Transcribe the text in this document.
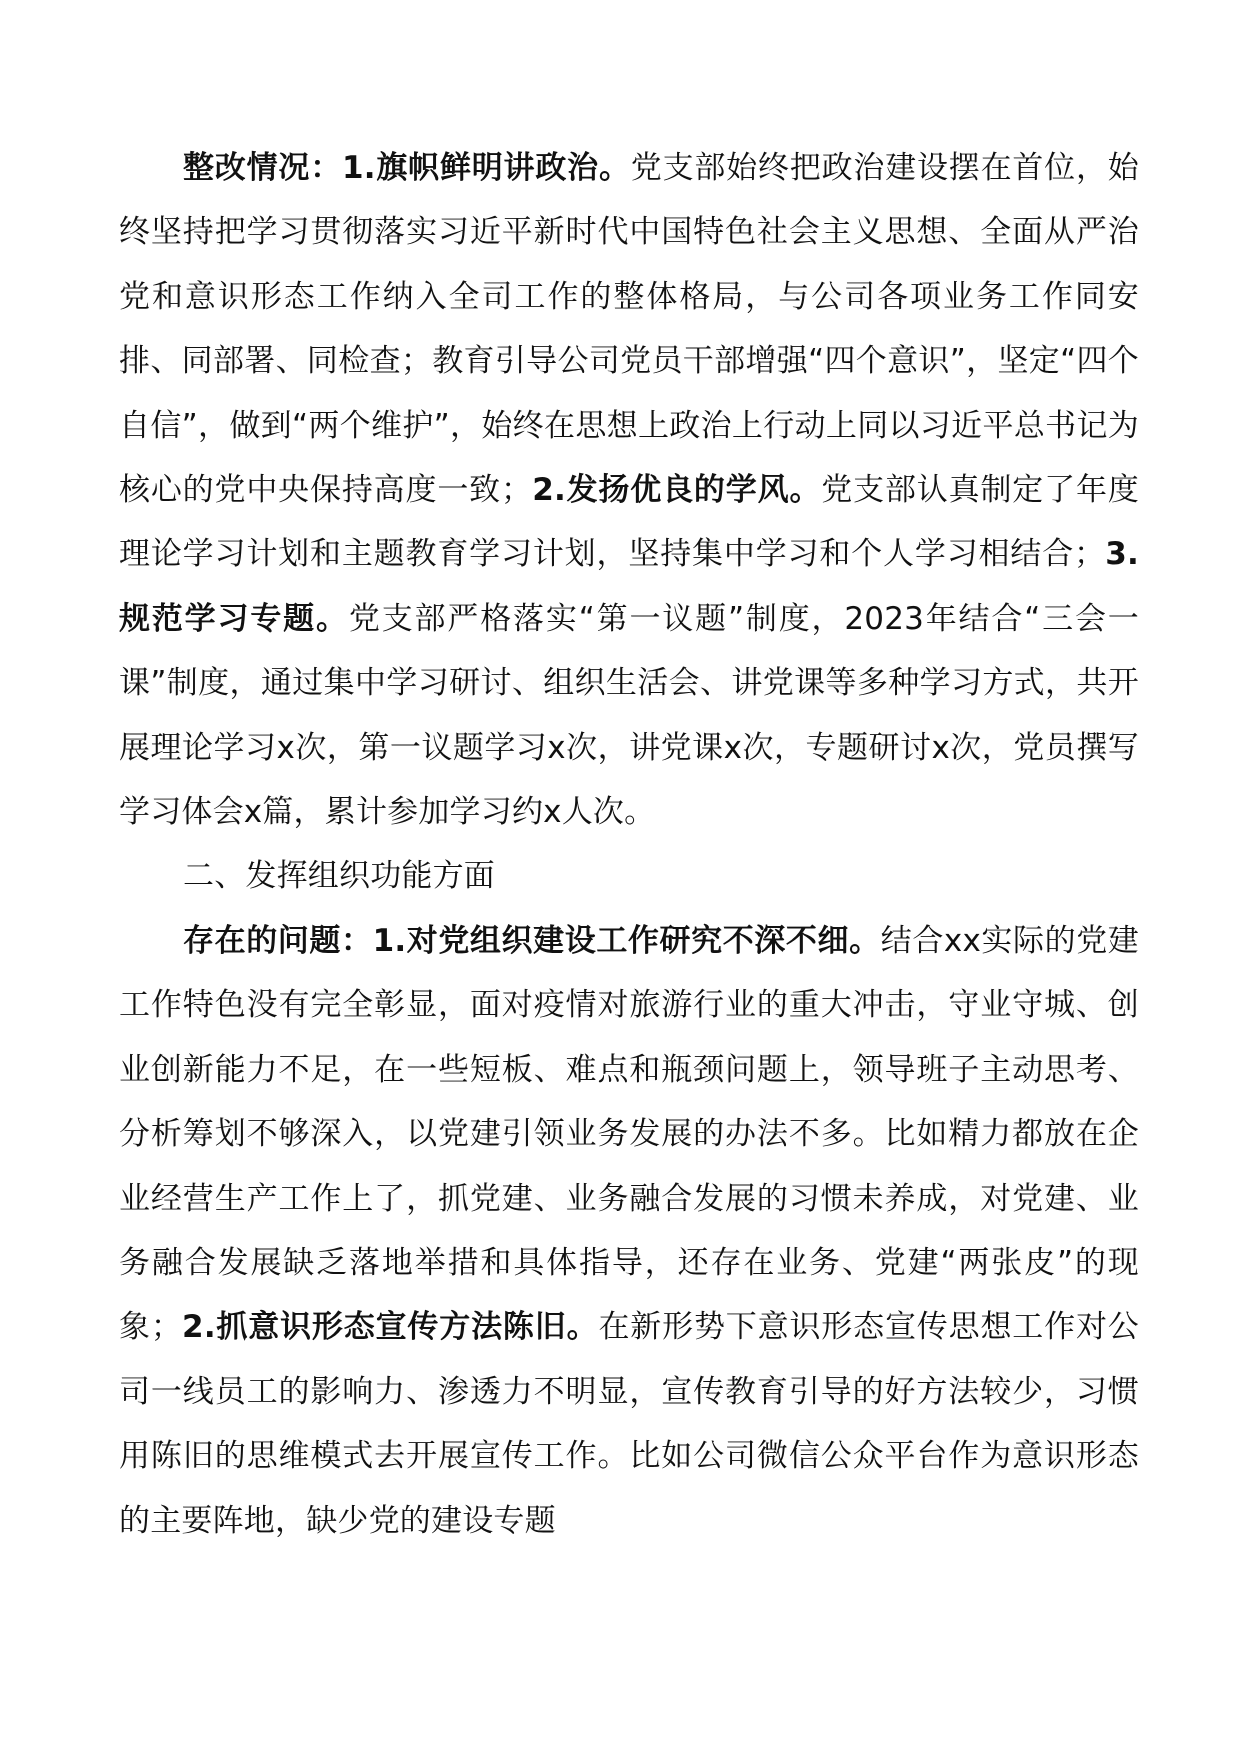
整改情况：1.旗帜鲜明讲政治。党支部始终把政治建设摆在首位，始终坚持把学习贯彻落实习近平新时代中国特色社会主义思想、全面从严治党和意识形态工作纳入全司工作的整体格局，与公司各项业务工作同安排、同部署、同检查；教育引导公司党员干部增强“四个意识”，坚定“四个自信”，做到“两个维护”，始终在思想上政治上行动上同以习近平总书记为核心的党中央保持高度一致；2.发扬优良的学风。党支部认真制定了年度理论学习计划和主题教育学习计划，坚持集中学习和个人学习相结合；3.规范学习专题。党支部严格落实“第一议题”制度，2023年结合“三会一课”制度，通过集中学习研讨、组织生活会、讲党课等多种学习方式，共开展理论学习x次，第一议题学习x次，讲党课x次，专题研讨x次，党员撰写学习体会x篇，累计参加学习约x人次。

二、发挥组织功能方面

存在的问题：1.对党组织建设工作研究不深不细。结合xx实际的党建工作特色没有完全彰显，面对疫情对旅游行业的重大冲击，守业守城、创业创新能力不足，在一些短板、难点和瓶颈问题上，领导班子主动思考、分析筹划不够深入，以党建引领业务发展的办法不多。比如精力都放在企业经营生产工作上了，抓党建、业务融合发展的习惯未养成，对党建、业务融合发展缺乏落地举措和具体指导，还存在业务、党建“两张皮”的现象；2.抓意识形态宣传方法陈旧。在新形势下意识形态宣传思想工作对公司一线员工的影响力、渗透力不明显，宣传教育引导的好方法较少，习惯用陈旧的思维模式去开展宣传工作。比如公司微信公众平台作为意识形态的主要阵地，缺少党的建设专题
